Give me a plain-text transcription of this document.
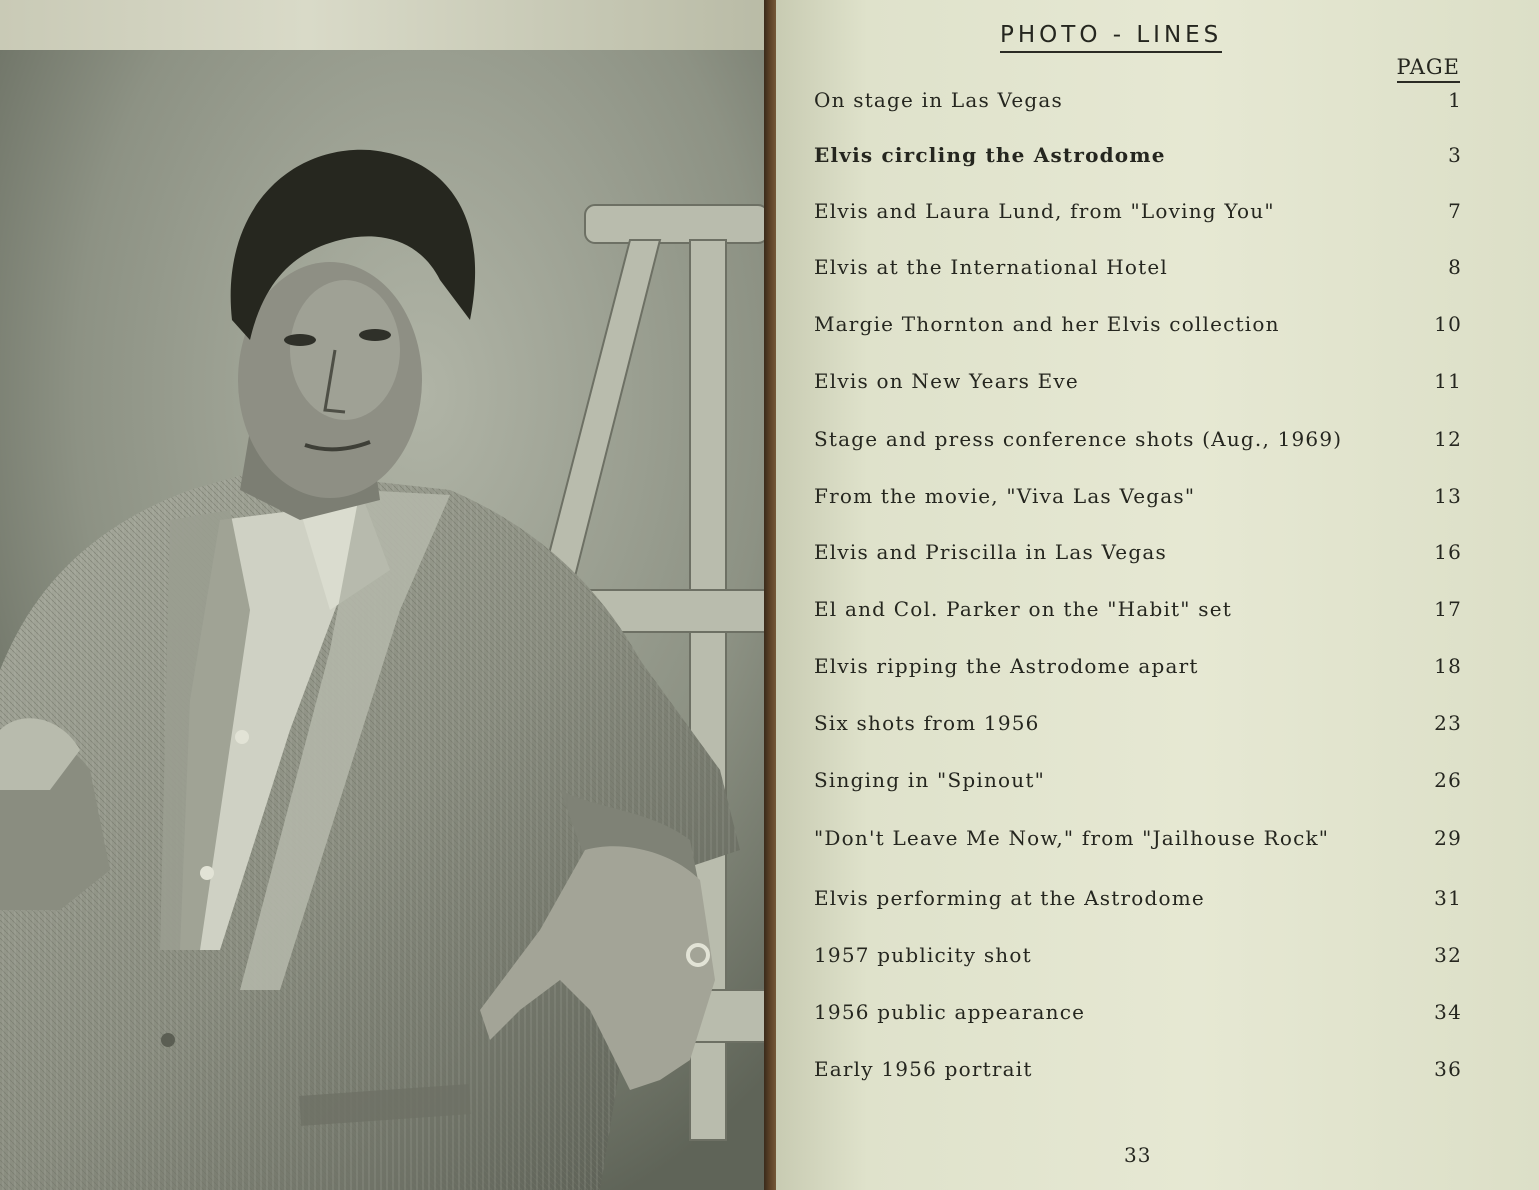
PHOTO - LINES
PAGE
On stage in Las Vegas	1
Elvis circling the Astrodome	3
Elvis and Laura Lund, from "Loving You"	7
Elvis at the International Hotel	8
Margie Thornton and her Elvis collection	10
Elvis on New Years Eve	11
Stage and press conference shots (Aug., 1969)	12
From the movie, "Viva Las Vegas"	13
Elvis and Priscilla in Las Vegas	16
El and Col. Parker on the "Habit" set	17
Elvis ripping the Astrodome apart	18
Six shots from 1956	23
Singing in "Spinout"	26
"Don't Leave Me Now," from "Jailhouse Rock"	29
Elvis performing at the Astrodome	31
1957 publicity shot	32
1956 public appearance	34
Early 1956 portrait	36
33
